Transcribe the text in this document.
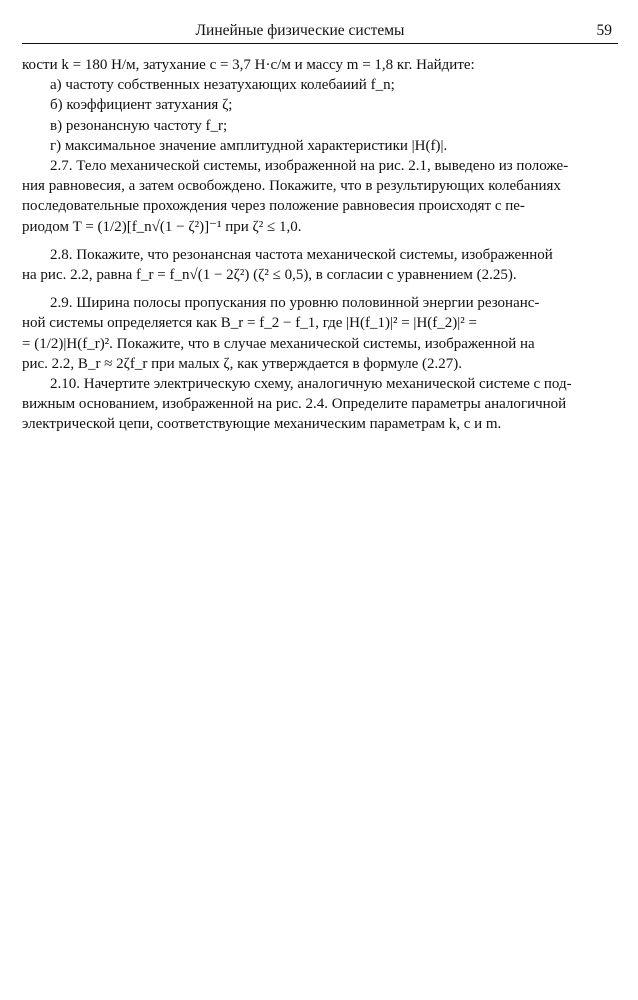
Линейные физические системы	59
кости k = 180 Н/м, затухание c = 3,7 Н·с/м и массу m = 1,8 кг. Найдите:
а) частоту собственных незатухающих колебаиий f_n;
б) коэффициент затухания ζ;
в) резонансную частоту f_r;
г) максимальное значение амплитудной характеристики |H(f)|.
2.7. Тело механической системы, изображенной на рис. 2.1, выведено из положе-
ния равновесия, а затем освобождено. Покажите, что в результирующих колебаниях
последовательные прохождения через положение равновесия происходят с пе-
риодом T = (1/2)[f_n√(1 − ζ²)]⁻¹ при ζ² ≤ 1,0.
2.8. Покажите, что резонансная частота механической системы, изображенной
на рис. 2.2, равна f_r = f_n√(1 − 2ζ²) (ζ² ≤ 0,5), в согласии с уравнением (2.25).
2.9. Ширина полосы пропускания по уровню половинной энергии резонанс-
ной системы определяется как B_r = f_2 − f_1, где |H(f_1)|² = |H(f_2)|² =
= (1/2)|H(f_r)². Покажите, что в случае механической системы, изображенной на
рис. 2.2, B_r ≈ 2ζf_r при малых ζ, как утверждается в формуле (2.27).
2.10. Начертите электрическую схему, аналогичную механической системе с под-
вижным основанием, изображенной на рис. 2.4. Определите параметры аналогичной
электрической цепи, соответствующие механическим параметрам k, c и m.
